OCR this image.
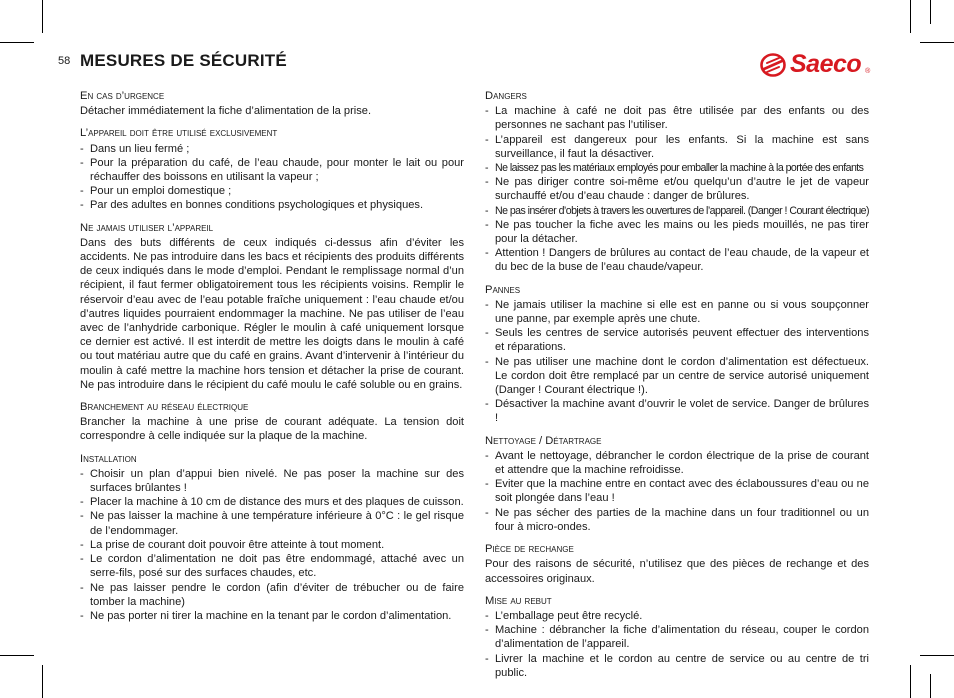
58 MESURES DE SÉCURITÉ	Saeco ®
En cas d’urgence

Détacher immédiatement la fiche d’alimentation de la prise.

L’appareil doit être utilisé exclusivement
- Dans un lieu fermé ;
- Pour la préparation du café, de l’eau chaude, pour monter le lait ou pour réchauffer des boissons en utilisant la vapeur ;
- Pour un emploi domestique ;
- Par des adultes en bonnes conditions psychologiques et physiques.
Ne jamais utiliser l’appareil

Dans des buts différents de ceux indiqués ci-dessus afin d’éviter les accidents. Ne pas introduire dans les bacs et récipients des produits différents de ceux indiqués dans le mode d’emploi. Pendant le remplissage normal d’un récipient, il faut fermer obligatoirement tous les récipients voisins. Remplir le réservoir d’eau avec de l’eau potable fraîche uniquement : l’eau chaude et/ou d’autres liquides pourraient endommager la machine. Ne pas utiliser de l’eau avec de l’anhydride carbonique. Régler le moulin à café uniquement lorsque ce dernier est activé. Il est interdit de mettre les doigts dans le moulin à café ou tout matériau autre que du café en grains. Avant d’intervenir à l’intérieur du moulin à café mettre la machine hors tension et détacher la prise de courant. Ne pas introduire dans le récipient du café moulu le café soluble ou en grains.

Branchement au réseau électrique

Brancher la machine à une prise de courant adéquate. La tension doit correspondre à celle indiquée sur la plaque de la machine.

Installation
- Choisir un plan d’appui bien nivelé. Ne pas poser la machine sur des surfaces brûlantes !
- Placer la machine à 10 cm de distance des murs et des plaques de cuisson.
- Ne pas laisser la machine à une température inférieure à 0°C : le gel risque de l’endommager.
- La prise de courant doit pouvoir être atteinte à tout moment.
- Le cordon d’alimentation ne doit pas être endommagé, attaché avec un serre-fils, posé sur des surfaces chaudes, etc.
- Ne pas laisser pendre le cordon (afin d’éviter de trébucher ou de faire tomber la machine)
- Ne pas porter ni tirer la machine en la tenant par le cordon d’alimentation.
Dangers
- La machine à café ne doit pas être utilisée par des enfants ou des personnes ne sachant pas l’utiliser.
- L’appareil est dangereux pour les enfants. Si la machine est sans surveillance, il faut la désactiver.
- Ne laissez pas les matériaux employés pour emballer la machine à la portée des enfants
- Ne pas diriger contre soi-même et/ou quelqu’un d’autre le jet de vapeur surchauffé et/ou d’eau chaude : danger de brûlures.
- Ne pas insérer d’objets à travers les ouvertures de l’appareil. (Danger ! Courant électrique)
- Ne pas toucher la fiche avec les mains ou les pieds mouillés, ne pas tirer pour la détacher.
- Attention ! Dangers de brûlures au contact de l’eau chaude, de la vapeur et du bec de la buse de l’eau chaude/vapeur.
Pannes
- Ne jamais utiliser la machine si elle est en panne ou si vous soupçonner une panne, par exemple après une chute.
- Seuls les centres de service autorisés peuvent effectuer des interventions et réparations.
- Ne pas utiliser une machine dont le cordon d’alimentation est défectueux. Le cordon doit être remplacé par un centre de service autorisé uniquement (Danger ! Courant électrique !).
- Désactiver la machine avant d’ouvrir le volet de service. Danger de brûlures !
Nettoyage / Détartrage
- Avant le nettoyage, débrancher le cordon électrique de la prise de courant et attendre que la machine refroidisse.
- Eviter que la machine entre en contact avec des éclaboussures d’eau ou ne soit plongée dans l’eau !
- Ne pas sécher des parties de la machine dans un four traditionnel ou un four à micro-ondes.
Pièce de rechange

Pour des raisons de sécurité, n’utilisez que des pièces de rechange et des accessoires originaux.

Mise au rebut
- L’emballage peut être recyclé.
- Machine : débrancher la fiche d’alimentation du réseau, couper le cordon d’alimentation de l’appareil.
- Livrer la machine et le cordon au centre de service ou au centre de tri public.
